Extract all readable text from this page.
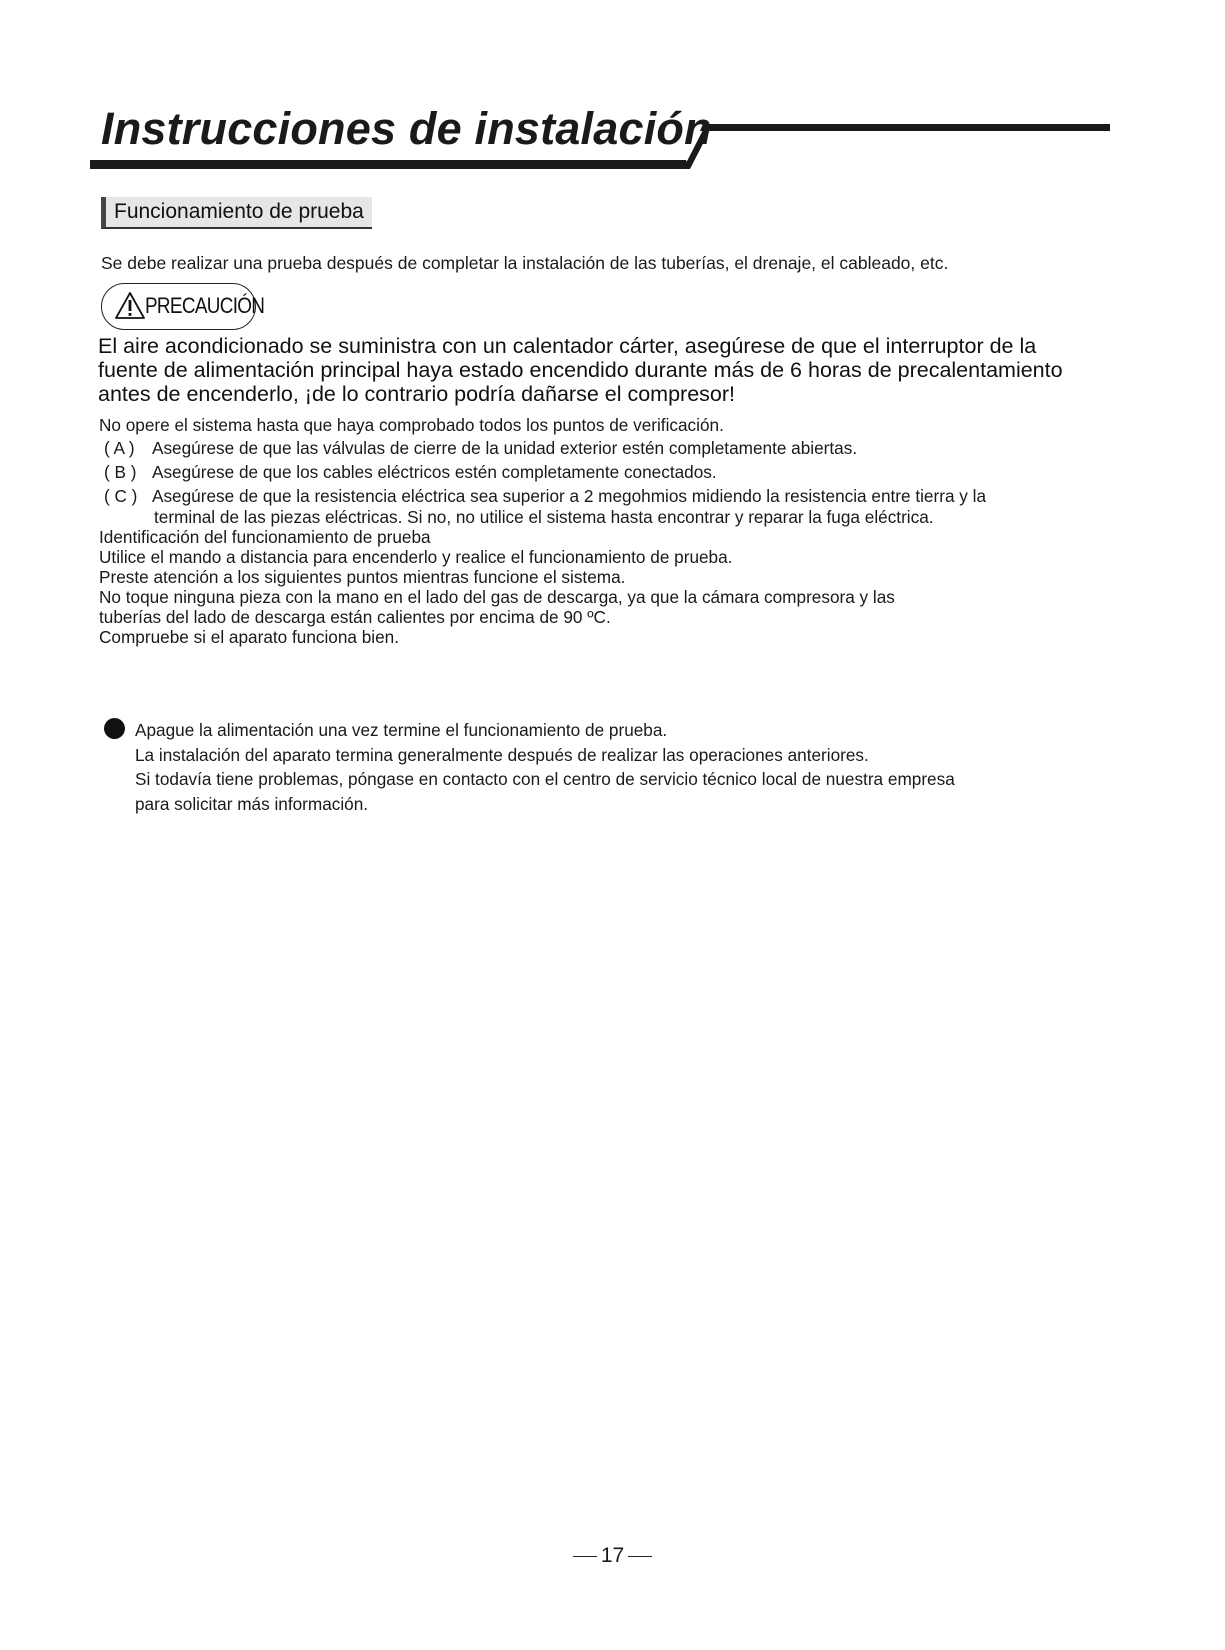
Instrucciones de instalación
Funcionamiento de prueba
Se debe realizar una prueba después de completar la instalación de las tuberías, el drenaje, el cableado, etc.
PRECAUCIÓN
El aire acondicionado se suministra con un calentador cárter, asegúrese de que el interruptor de la
fuente de alimentación principal haya estado encendido durante más de 6 horas de precalentamiento
antes de encenderlo, ¡de lo contrario podría dañarse el compresor!
No opere el sistema hasta que haya comprobado todos los puntos de verificación.
( A ) Asegúrese de que las válvulas de cierre de la unidad exterior estén completamente abiertas.
( B ) Asegúrese de que los cables eléctricos estén completamente conectados.
( C ) Asegúrese de que la resistencia eléctrica sea superior a 2 megohmios midiendo la resistencia entre tierra y la
terminal de las piezas eléctricas. Si no, no utilice el sistema hasta encontrar y reparar la fuga eléctrica.
Identificación del funcionamiento de prueba
Utilice el mando a distancia para encenderlo y realice el funcionamiento de prueba.
Preste atención a los siguientes puntos mientras funcione el sistema.
No toque ninguna pieza con la mano en el lado del gas de descarga, ya que la cámara compresora y las
tuberías del lado de descarga están calientes por encima de 90 ºC.
Compruebe si el aparato funciona bien.
Apague la alimentación una vez termine el funcionamiento de prueba.
La instalación del aparato termina generalmente después de realizar las operaciones anteriores.
Si todavía tiene problemas, póngase en contacto con el centro de servicio técnico local de nuestra empresa
para solicitar más información.
17
